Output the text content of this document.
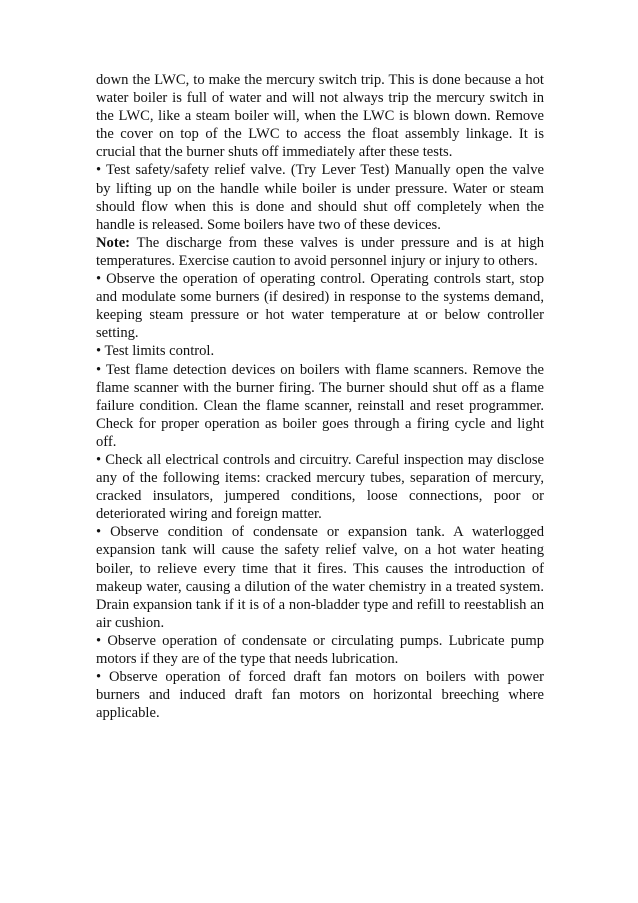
down the LWC, to make the mercury switch trip. This is done because a hot water boiler is full of water and will not always trip the mercury switch in the LWC, like a steam boiler will, when the LWC is blown down. Remove the cover on top of the LWC to access the float assembly linkage. It is crucial that the burner shuts off immediately after these tests.

• Test safety/safety relief valve. (Try Lever Test) Manually open the valve by lifting up on the handle while boiler is under pressure. Water or steam should flow when this is done and should shut off completely when the handle is released. Some boilers have two of these devices.

Note: The discharge from these valves is under pressure and is at high temperatures. Exercise caution to avoid personnel injury or injury to others.

• Observe the operation of operating control. Operating controls start, stop and modulate some burners (if desired) in response to the systems demand, keeping steam pressure or hot water temperature at or below controller setting.

• Test limits control.

• Test flame detection devices on boilers with flame scanners. Remove the flame scanner with the burner firing. The burner should shut off as a flame failure condition. Clean the flame scanner, reinstall and reset programmer. Check for proper operation as boiler goes through a firing cycle and light off.

• Check all electrical controls and circuitry. Careful inspection may disclose any of the following items: cracked mercury tubes, separation of mercury, cracked insulators, jumpered conditions, loose connections, poor or deteriorated wiring and foreign matter.

• Observe condition of condensate or expansion tank. A waterlogged expansion tank will cause the safety relief valve, on a hot water heating boiler, to relieve every time that it fires. This causes the introduction of makeup water, causing a dilution of the water chemistry in a treated system. Drain expansion tank if it is of a non-bladder type and refill to reestablish an air cushion.

• Observe operation of condensate or circulating pumps. Lubricate pump motors if they are of the type that needs lubrication.

• Observe operation of forced draft fan motors on boilers with power burners and induced draft fan motors on horizontal breeching where applicable.
